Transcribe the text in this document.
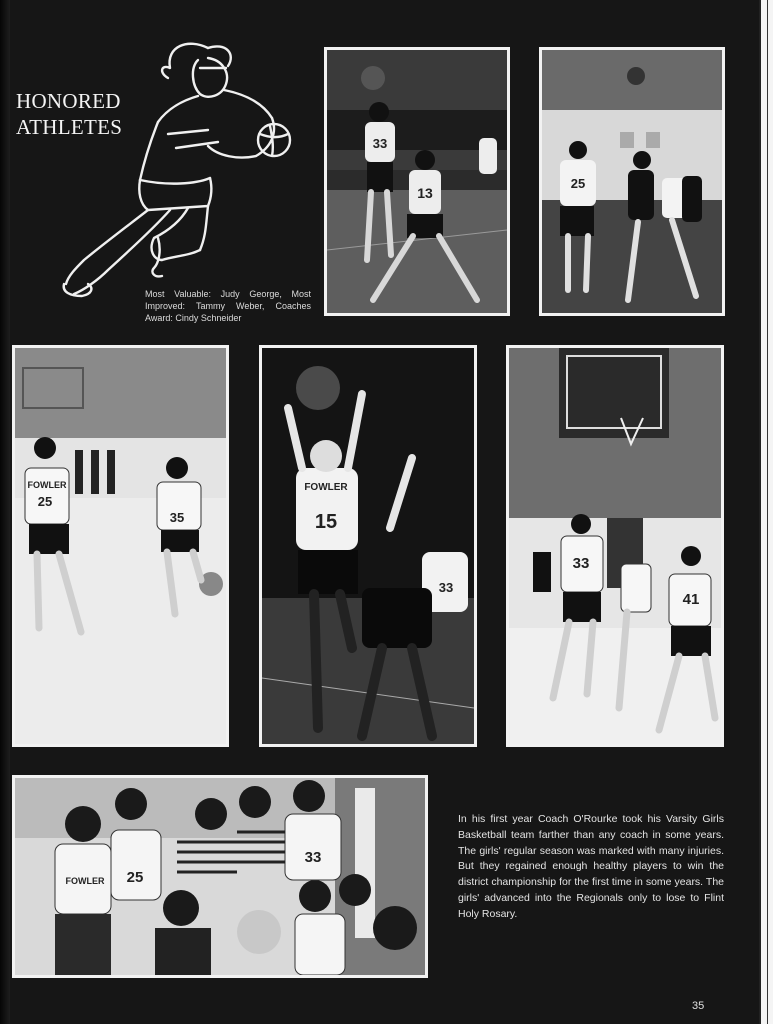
HONORED
ATHLETES
Most Valuable: Judy George, Most Improved: Tammy Weber, Coaches Award: Cindy Schneider
33
13
25
FOWLER
25
35
FOWLER
15
33
33
41
FOWLER 25
33
In his first year Coach O'Rourke took his Varsity Girls Basketball team farther than any coach in some years. The girls' regular season was marked with many injuries. But they regained enough healthy players to win the district championship for the first time in some years. The girls' advanced into the Regionals only to lose to Flint Holy Rosary.
35
